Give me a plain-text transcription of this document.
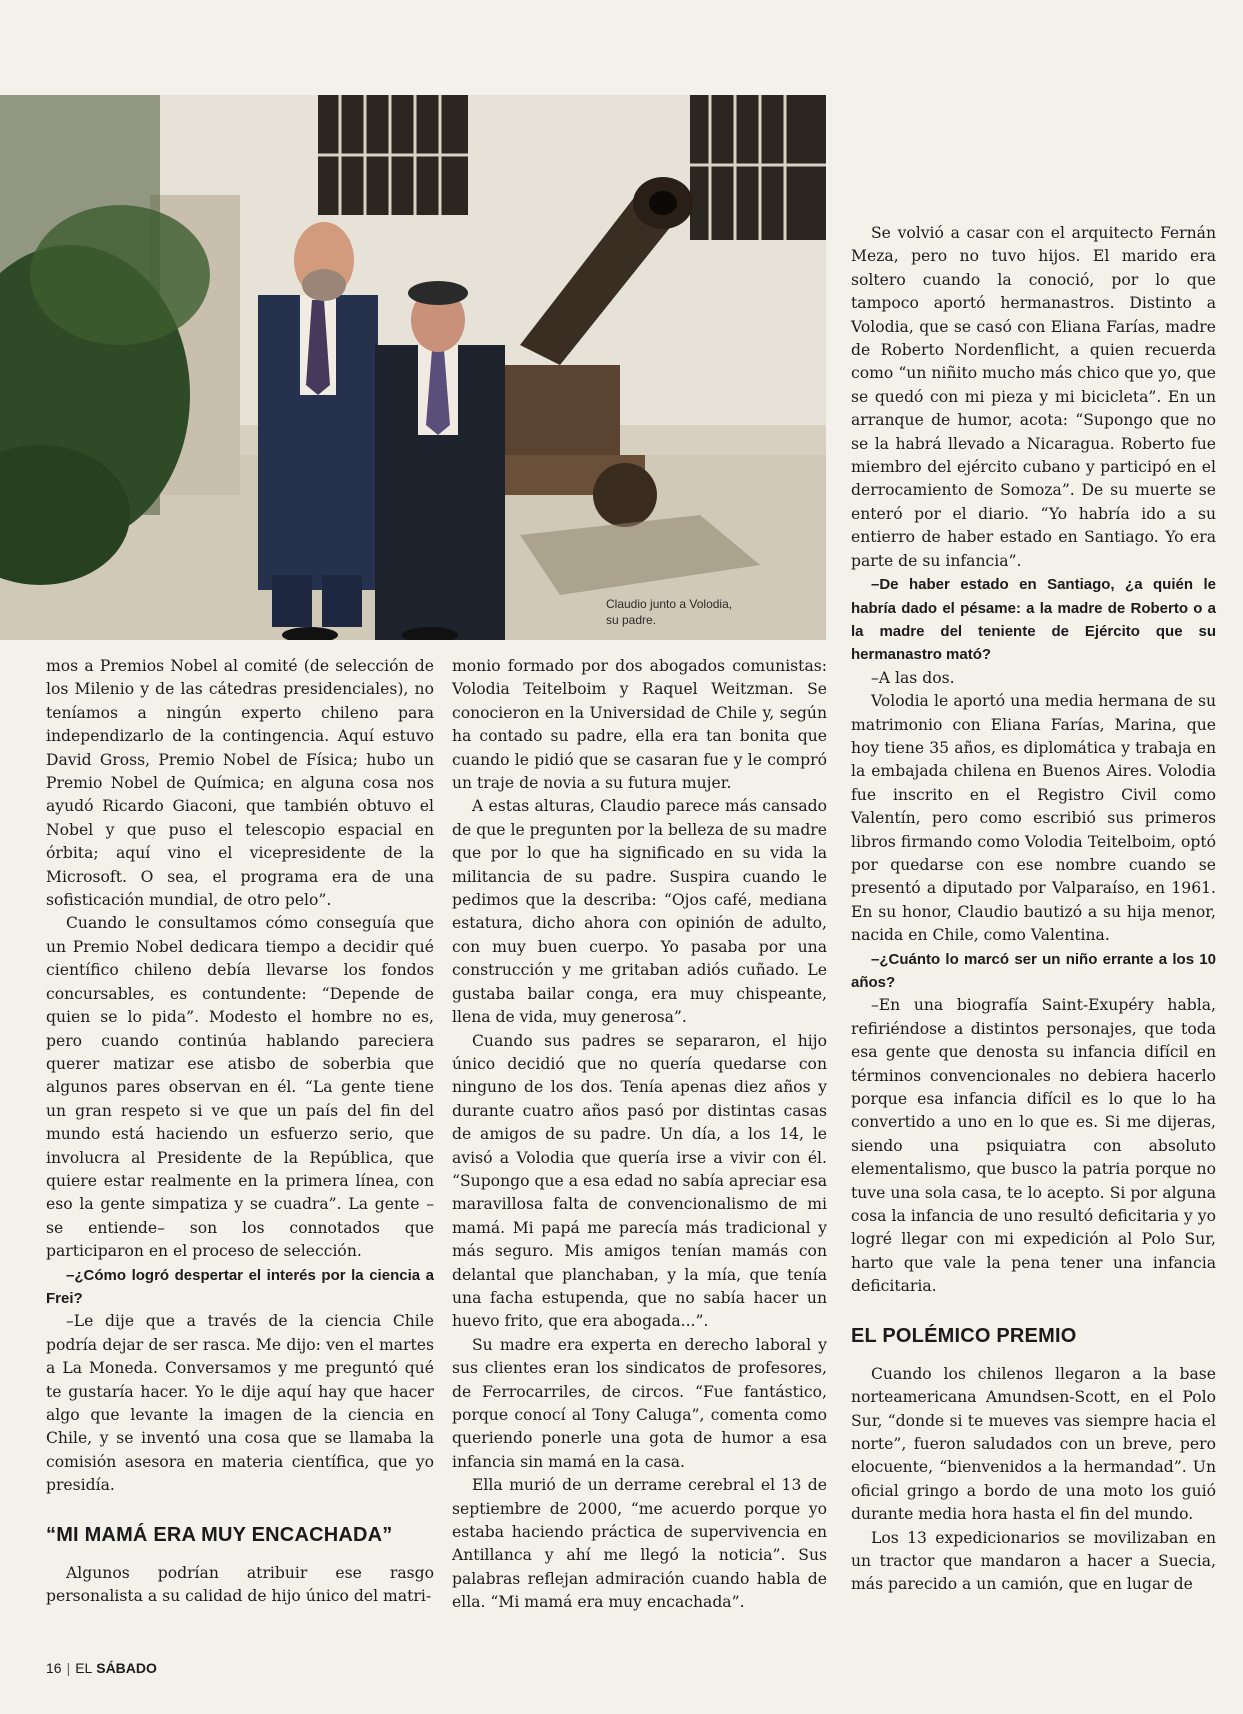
Claudio junto a Volodia, su padre.

mos a Premios Nobel al comité (de selección de los Milenio y de las cátedras presidenciales), no teníamos a ningún experto chileno para independizarlo de la contingencia. Aquí estuvo David Gross, Premio Nobel de Física; hubo un Premio Nobel de Química; en alguna cosa nos ayudó Ricardo Giaconi, que también obtuvo el Nobel y que puso el telescopio espacial en órbita; aquí vino el vicepresidente de la Microsoft. O sea, el programa era de una sofisticación mundial, de otro pelo”.

Cuando le consultamos cómo conseguía que un Premio Nobel dedicara tiempo a decidir qué científico chileno debía llevarse los fondos concursables, es contundente: “Depende de quien se lo pida”. Modesto el hombre no es, pero cuando continúa hablando pareciera querer matizar ese atisbo de soberbia que algunos pares observan en él. “La gente tiene un gran respeto si ve que un país del fin del mundo está haciendo un esfuerzo serio, que involucra al Presidente de la República, que quiere estar realmente en la primera línea, con eso la gente simpatiza y se cuadra”. La gente –se entiende– son los connotados que participaron en el proceso de selección.

–¿Cómo logró despertar el interés por la ciencia a Frei?

–Le dije que a través de la ciencia Chile podría dejar de ser rasca. Me dijo: ven el martes a La Moneda. Conversamos y me preguntó qué te gustaría hacer. Yo le dije aquí hay que hacer algo que levante la imagen de la ciencia en Chile, y se inventó una cosa que se llamaba la comisión asesora en materia científica, que yo presidía.

“MI MAMÁ ERA MUY ENCACHADA”

Algunos podrían atribuir ese rasgo personalista a su calidad de hijo único del matri-

monio formado por dos abogados comunistas: Volodia Teitelboim y Raquel Weitzman. Se conocieron en la Universidad de Chile y, según ha contado su padre, ella era tan bonita que cuando le pidió que se casaran fue y le compró un traje de novia a su futura mujer.

A estas alturas, Claudio parece más cansado de que le pregunten por la belleza de su madre que por lo que ha significado en su vida la militancia de su padre. Suspira cuando le pedimos que la describa: “Ojos café, mediana estatura, dicho ahora con opinión de adulto, con muy buen cuerpo. Yo pasaba por una construcción y me gritaban adiós cuñado. Le gustaba bailar conga, era muy chispeante, llena de vida, muy generosa”.

Cuando sus padres se separaron, el hijo único decidió que no quería quedarse con ninguno de los dos. Tenía apenas diez años y durante cuatro años pasó por distintas casas de amigos de su padre. Un día, a los 14, le avisó a Volodia que quería irse a vivir con él. “Supongo que a esa edad no sabía apreciar esa maravillosa falta de convencionalismo de mi mamá. Mi papá me parecía más tradicional y más seguro. Mis amigos tenían mamás con delantal que planchaban, y la mía, que tenía una facha estupenda, que no sabía hacer un huevo frito, que era abogada...”.

Su madre era experta en derecho laboral y sus clientes eran los sindicatos de profesores, de Ferrocarriles, de circos. “Fue fantástico, porque conocí al Tony Caluga”, comenta como queriendo ponerle una gota de humor a esa infancia sin mamá en la casa.

Ella murió de un derrame cerebral el 13 de septiembre de 2000, “me acuerdo porque yo estaba haciendo práctica de supervivencia en Antillanca y ahí me llegó la noticia”. Sus palabras reflejan admiración cuando habla de ella. “Mi mamá era muy encachada”.

Se volvió a casar con el arquitecto Fernán Meza, pero no tuvo hijos. El marido era soltero cuando la conoció, por lo que tampoco aportó hermanastros. Distinto a Volodia, que se casó con Eliana Farías, madre de Roberto Nordenflicht, a quien recuerda como “un niñito mucho más chico que yo, que se quedó con mi pieza y mi bicicleta”. En un arranque de humor, acota: “Supongo que no se la habrá llevado a Nicaragua. Roberto fue miembro del ejército cubano y participó en el derrocamiento de Somoza”. De su muerte se enteró por el diario. “Yo habría ido a su entierro de haber estado en Santiago. Yo era parte de su infancia”.

–De haber estado en Santiago, ¿a quién le habría dado el pésame: a la madre de Roberto o a la madre del teniente de Ejército que su hermanastro mató?

–A las dos.

Volodia le aportó una media hermana de su matrimonio con Eliana Farías, Marina, que hoy tiene 35 años, es diplomática y trabaja en la embajada chilena en Buenos Aires. Volodia fue inscrito en el Registro Civil como Valentín, pero como escribió sus primeros libros firmando como Volodia Teitelboim, optó por quedarse con ese nombre cuando se presentó a diputado por Valparaíso, en 1961. En su honor, Claudio bautizó a su hija menor, nacida en Chile, como Valentina.

–¿Cuánto lo marcó ser un niño errante a los 10 años?

–En una biografía Saint-Exupéry habla, refiriéndose a distintos personajes, que toda esa gente que denosta su infancia difícil en términos convencionales no debiera hacerlo porque esa infancia difícil es lo que lo ha convertido a uno en lo que es. Si me dijeras, siendo una psiquiatra con absoluto elementalismo, que busco la patria porque no tuve una sola casa, te lo acepto. Si por alguna cosa la infancia de uno resultó deficitaria y yo logré llegar con mi expedición al Polo Sur, harto que vale la pena tener una infancia deficitaria.

EL POLÉMICO PREMIO

Cuando los chilenos llegaron a la base norteamericana Amundsen-Scott, en el Polo Sur, “donde si te mueves vas siempre hacia el norte”, fueron saludados con un breve, pero elocuente, “bienvenidos a la hermandad”. Un oficial gringo a bordo de una moto los guió durante media hora hasta el fin del mundo.

Los 13 expedicionarios se movilizaban en un tractor que mandaron a hacer a Suecia, más parecido a un camión, que en lugar de

16 | EL SÁBADO
